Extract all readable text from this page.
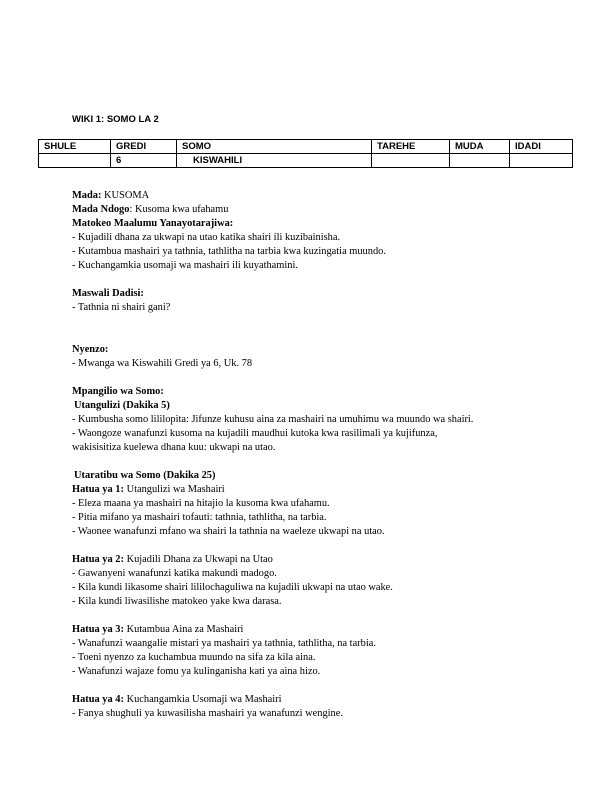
WIKI 1: SOMO LA 2
SHULE	GREDI	SOMO	TAREHE	MUDA	IDADI
	6	KISWAHILI			
Mada: KUSOMA
Mada Ndogo: Kusoma kwa ufahamu
Matokeo Maalumu Yanayotarajiwa:
- Kujadili dhana za ukwapi na utao katika shairi ili kuzibainisha.
- Kutambua mashairi ya tathnia, tathlitha na tarbia kwa kuzingatia muundo.
- Kuchangamkia usomaji wa mashairi ili kuyathamini.
Maswali Dadisi:
- Tathnia ni shairi gani?
Nyenzo:
- Mwanga wa Kiswahili Gredi ya 6, Uk. 78
Mpangilio wa Somo:
Utangulizi (Dakika 5)
- Kumbusha somo lililopita: Jifunze kuhusu aina za mashairi na umuhimu wa muundo wa shairi.
- Waongoze wanafunzi kusoma na kujadili maudhui kutoka kwa rasilimali ya kujifunza,
wakisisitiza kuelewa dhana kuu: ukwapi na utao.
Utaratibu wa Somo (Dakika 25)
Hatua ya 1: Utangulizi wa Mashairi
- Eleza maana ya mashairi na hitajio la kusoma kwa ufahamu.
- Pitia mifano ya mashairi tofauti: tathnia, tathlitha, na tarbia.
- Waonee wanafunzi mfano wa shairi la tathnia na waeleze ukwapi na utao.
Hatua ya 2: Kujadili Dhana za Ukwapi na Utao
- Gawanyeni wanafunzi katika makundi madogo.
- Kila kundi likasome shairi lililochaguliwa na kujadili ukwapi na utao wake.
- Kila kundi liwasilishe matokeo yake kwa darasa.
Hatua ya 3: Kutambua Aina za Mashairi
- Wanafunzi waangalie mistari ya mashairi ya tathnia, tathlitha, na tarbia.
- Toeni nyenzo za kuchambua muundo na sifa za kila aina.
- Wanafunzi wajaze fomu ya kulinganisha kati ya aina hizo.
Hatua ya 4: Kuchangamkia Usomaji wa Mashairi
- Fanya shughuli ya kuwasilisha mashairi ya wanafunzi wengine.
